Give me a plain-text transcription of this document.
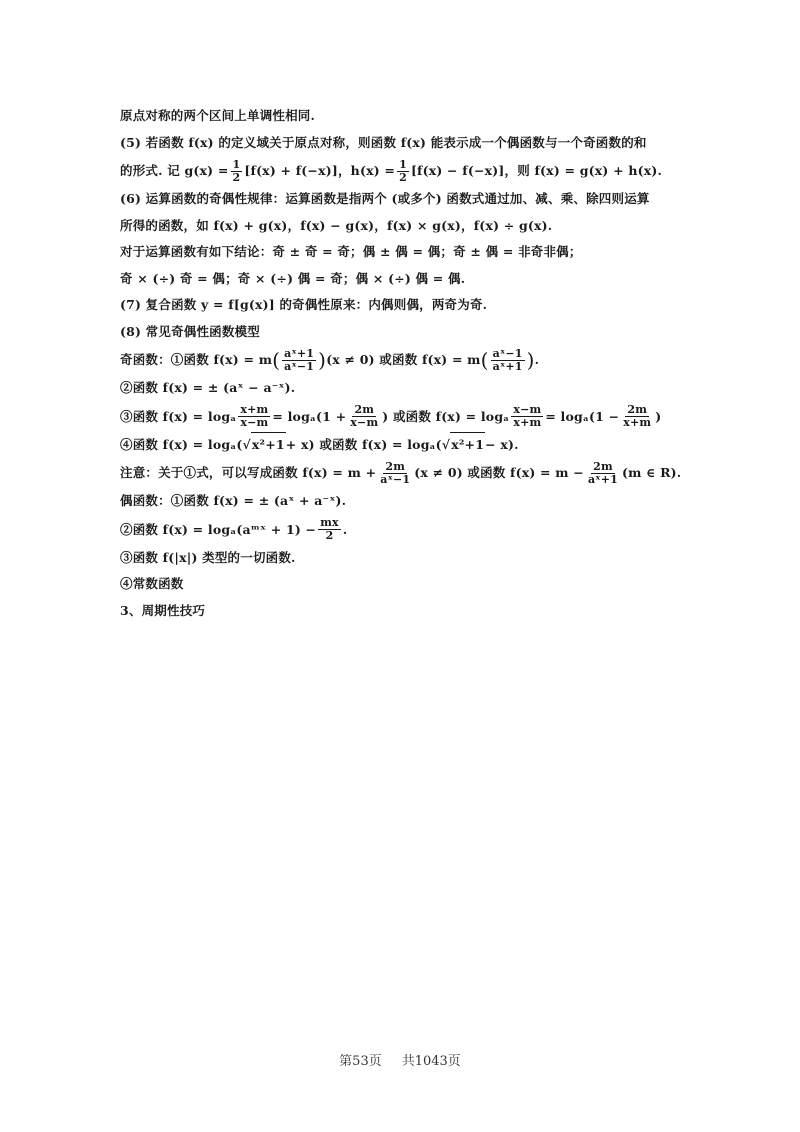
原点对称的两个区间上单调性相同.
(5) 若函数 f(x) 的定义域关于原点对称，则函数 f(x) 能表示成一个偶函数与一个奇函数的和
的形式. 记 $g(x) = \frac{1}{2} [f(x) + f(-x)]$，$h(x) = \frac{1}{2} [f(x) - f(-x)]$，则 f(x) = g(x) + h(x).
(6) 运算函数的奇偶性规律：运算函数是指两个 (或多个) 函数式通过加、减、乘、除四则运算
所得的函数，如 f(x) + g(x)，f(x) − g(x)，f(x) × g(x)，f(x) ÷ g(x).
对于运算函数有如下结论：奇 ± 奇 = 奇；偶 ± 偶 = 偶；奇 ± 偶 = 非奇非偶；
奇 × (÷) 奇 = 偶；奇 × (÷) 偶 = 奇；偶 × (÷) 偶 = 偶.
(7) 复合函数 y = f[g(x)] 的奇偶性原来：内偶则偶，两奇为奇.
(8) 常见奇偶性函数模型
奇函数：①函数 f(x) = m ( $\frac{\text{aˣ+1}}{\text{aˣ−1}}$ ) (x ≠ 0) 或函数 f(x) = m ( $\frac{\text{aˣ−1}}{\text{aˣ+1}}$ ) .
②函数 f(x) = ± (aˣ − a⁻ˣ).
③函数 f(x) = logₐ $\frac{x+m}{x-m} = \log_a(1 + \frac{2m}{x-m}$ ) 或函数 f(x) = logₐ $\frac{x-m}{x+m} = \log_a(1 - \frac{2m}{x+m}$ )
④函数 f(x) = logₐ( √ x²+1 + x) 或函数 f(x) = logₐ( √ x²+1 − x).
注意：关于①式，可以写成函数 $f(x) = m + \frac{2m}{\text{aˣ−1}} (x \ne 0)$ 或函数 $f(x) = m - \frac{2m}{\text{aˣ+1}} (m$ ∈ R).
偶函数：①函数 f(x) = ± (aˣ + a⁻ˣ).
②函数 f(x) = logₐ(aᵐˣ + $1) - \frac{mx}{2}$ .
③函数 f(|x|) 类型的一切函数.
④常数函数
3、周期性技巧
第53页 共1043页
